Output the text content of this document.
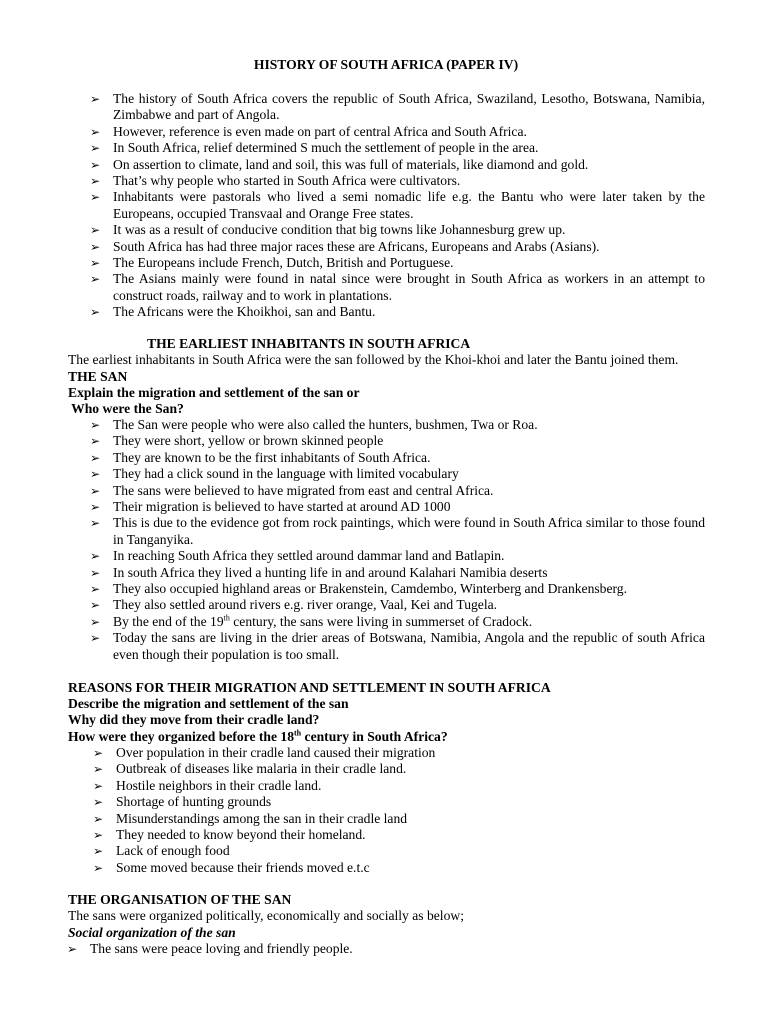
HISTORY OF SOUTH AFRICA (PAPER IV)
➢ The history of South Africa covers the republic of South Africa, Swaziland, Lesotho, Botswana, Namibia, Zimbabwe and part of Angola.
➢ However, reference is even made on part of central Africa and South Africa.
➢ In South Africa, relief determined S much the settlement of people in the area.
➢ On assertion to climate, land and soil, this was full of materials, like diamond and gold.
➢ That’s why people who started in South Africa were cultivators.
➢ Inhabitants were pastorals who lived a semi nomadic life e.g. the Bantu who were later taken by the Europeans, occupied Transvaal and Orange Free states.
➢ It was as a result of conducive condition that big towns like Johannesburg grew up.
➢ South Africa has had three major races these are Africans, Europeans and Arabs (Asians).
➢ The Europeans include French, Dutch, British and Portuguese.
➢ The Asians mainly were found in natal since were brought in South Africa as workers in an attempt to construct roads, railway and to work in plantations.
➢ The Africans were the Khoikhoi, san and Bantu.
THE EARLIEST INHABITANTS IN SOUTH AFRICA
The earliest inhabitants in South Africa were the san followed by the Khoi-khoi and later the Bantu joined them.
THE SAN
Explain the migration and settlement of the san or
Who were the San?
➢ The San were people who were also called the hunters, bushmen, Twa or Roa.
➢ They were short, yellow or brown skinned people
➢ They are known to be the first inhabitants of South Africa.
➢ They had a click sound in the language with limited vocabulary
➢ The sans were believed to have migrated from east and central Africa.
➢ Their migration is believed to have started at around AD 1000
➢ This is due to the evidence got from rock paintings, which were found in South Africa similar to those found in Tanganyika.
➢ In reaching South Africa they settled around dammar land and Batlapin.
➢ In south Africa they lived a hunting life in and around Kalahari Namibia deserts
➢ They also occupied highland areas or Brakenstein, Camdembo, Winterberg and Drankensberg.
➢ They also settled around rivers e.g. river orange, Vaal, Kei and Tugela.
➢ By the end of the 19th century, the sans were living in summerset of Cradock.
➢ Today the sans are living in the drier areas of Botswana, Namibia, Angola and the republic of south Africa even though their population is too small.
REASONS FOR THEIR MIGRATION AND SETTLEMENT IN SOUTH AFRICA
Describe the migration and settlement of the san
Why did they move from their cradle land?
How were they organized before the 18th century in South Africa?
➢ Over population in their cradle land caused their migration
➢ Outbreak of diseases like malaria in their cradle land.
➢ Hostile neighbors in their cradle land.
➢ Shortage of hunting grounds
➢ Misunderstandings among the san in their cradle land
➢ They needed to know beyond their homeland.
➢ Lack of enough food
➢ Some moved because their friends moved e.t.c
THE ORGANISATION OF THE SAN
The sans were organized politically, economically and socially as below;
Social organization of the san
➢ The sans were peace loving and friendly people.
